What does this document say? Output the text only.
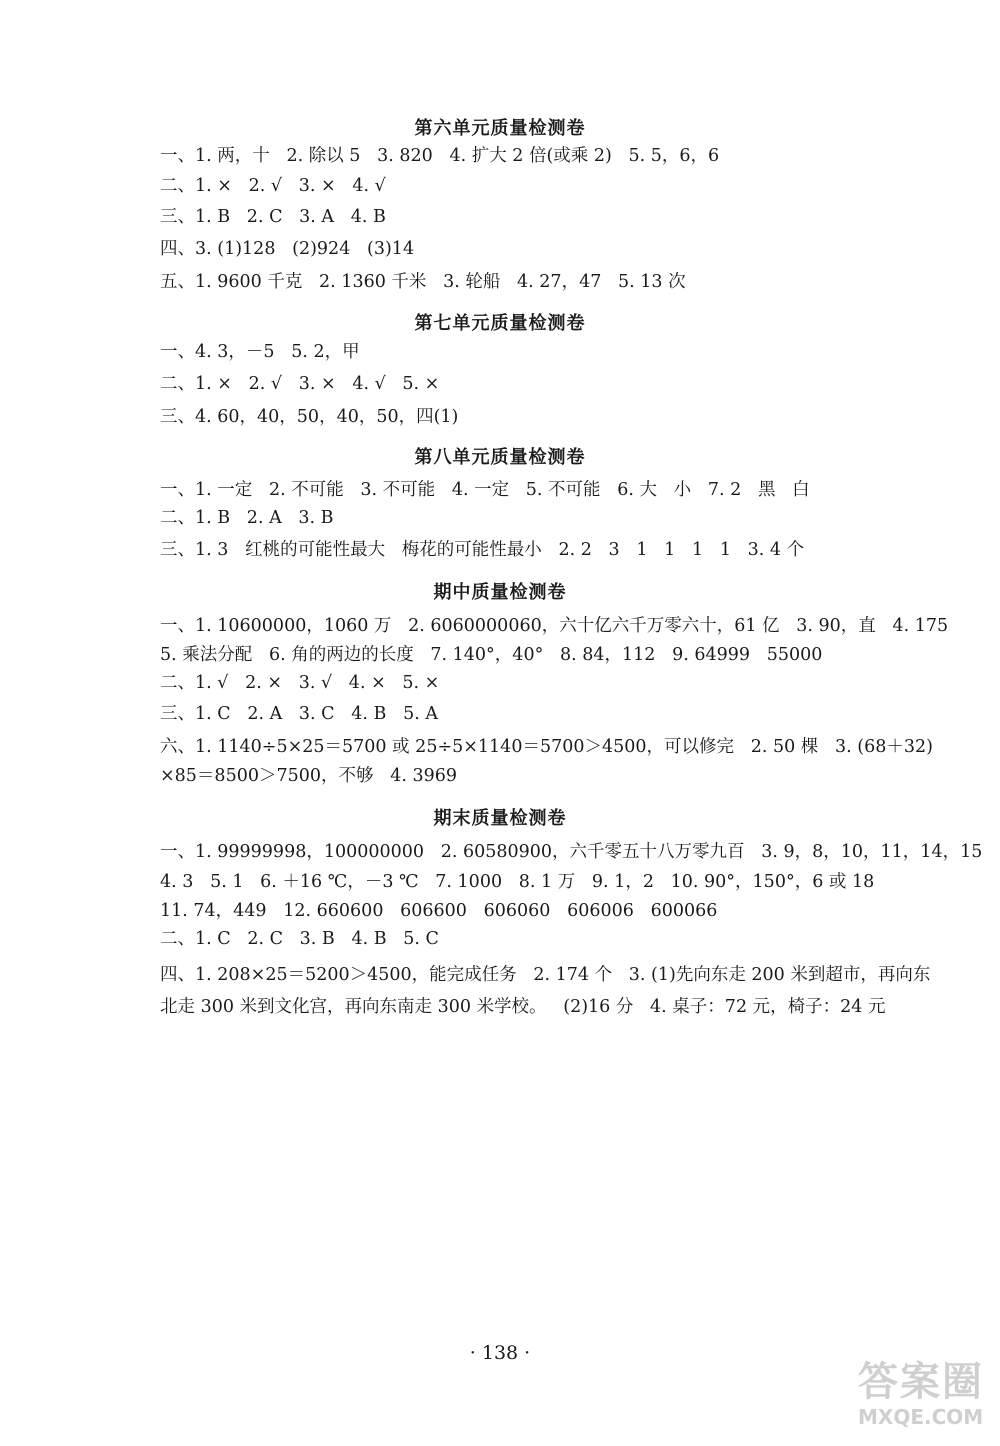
第六单元质量检测卷
一、1. 两，十   2. 除以 5   3. 820   4. 扩大 2 倍(或乘 2)   5. 5，6，6
二、1. ×   2. √   3. ×   4. √
三、1. B   2. C   3. A   4. B
四、3. (1)128   (2)924   (3)14
五、1. 9600 千克   2. 1360 千米   3. 轮船   4. 27，47   5. 13 次
第七单元质量检测卷
一、4. 3，－5   5. 2，甲
二、1. ×   2. √   3. ×   4. √   5. ×
三、4. 60，40，50，40，50，四(1)
第八单元质量检测卷
一、1. 一定   2. 不可能   3. 不可能   4. 一定   5. 不可能   6. 大   小   7. 2   黑   白
二、1. B   2. A   3. B
三、1. 3   红桃的可能性最大   梅花的可能性最小   2. 2   3   1   1   1   1   3. 4 个
期中质量检测卷
一、1. 10600000，1060 万   2. 6060000060，六十亿六千万零六十，61 亿   3. 90，直   4. 175
5. 乘法分配   6. 角的两边的长度   7. 140°，40°   8. 84，112   9. 64999   55000
二、1. √   2. ×   3. √   4. ×   5. ×
三、1. C   2. A   3. C   4. B   5. A
六、1. 1140÷5×25＝5700 或 25÷5×1140＝5700＞4500，可以修完   2. 50 棵   3. (68＋32)
×85＝8500＞7500，不够   4. 3969
期末质量检测卷
一、1. 99999998，100000000   2. 60580900，六千零五十八万零九百   3. 9，8，10，11，14，15
4. 3   5. 1   6. ＋16 ℃，－3 ℃   7. 1000   8. 1 万   9. 1，2   10. 90°，150°，6 或 18
11. 74，449   12. 660600   606600   606060   606006   600066
二、1. C   2. C   3. B   4. B   5. C
四、1. 208×25＝5200＞4500，能完成任务   2. 174 个   3. (1)先向东走 200 米到超市，再向东
北走 300 米到文化宫，再向东南走 300 米学校。   (2)16 分   4. 桌子：72 元，椅子：24 元
· 138 ·
答案圈
MXQE.COM
